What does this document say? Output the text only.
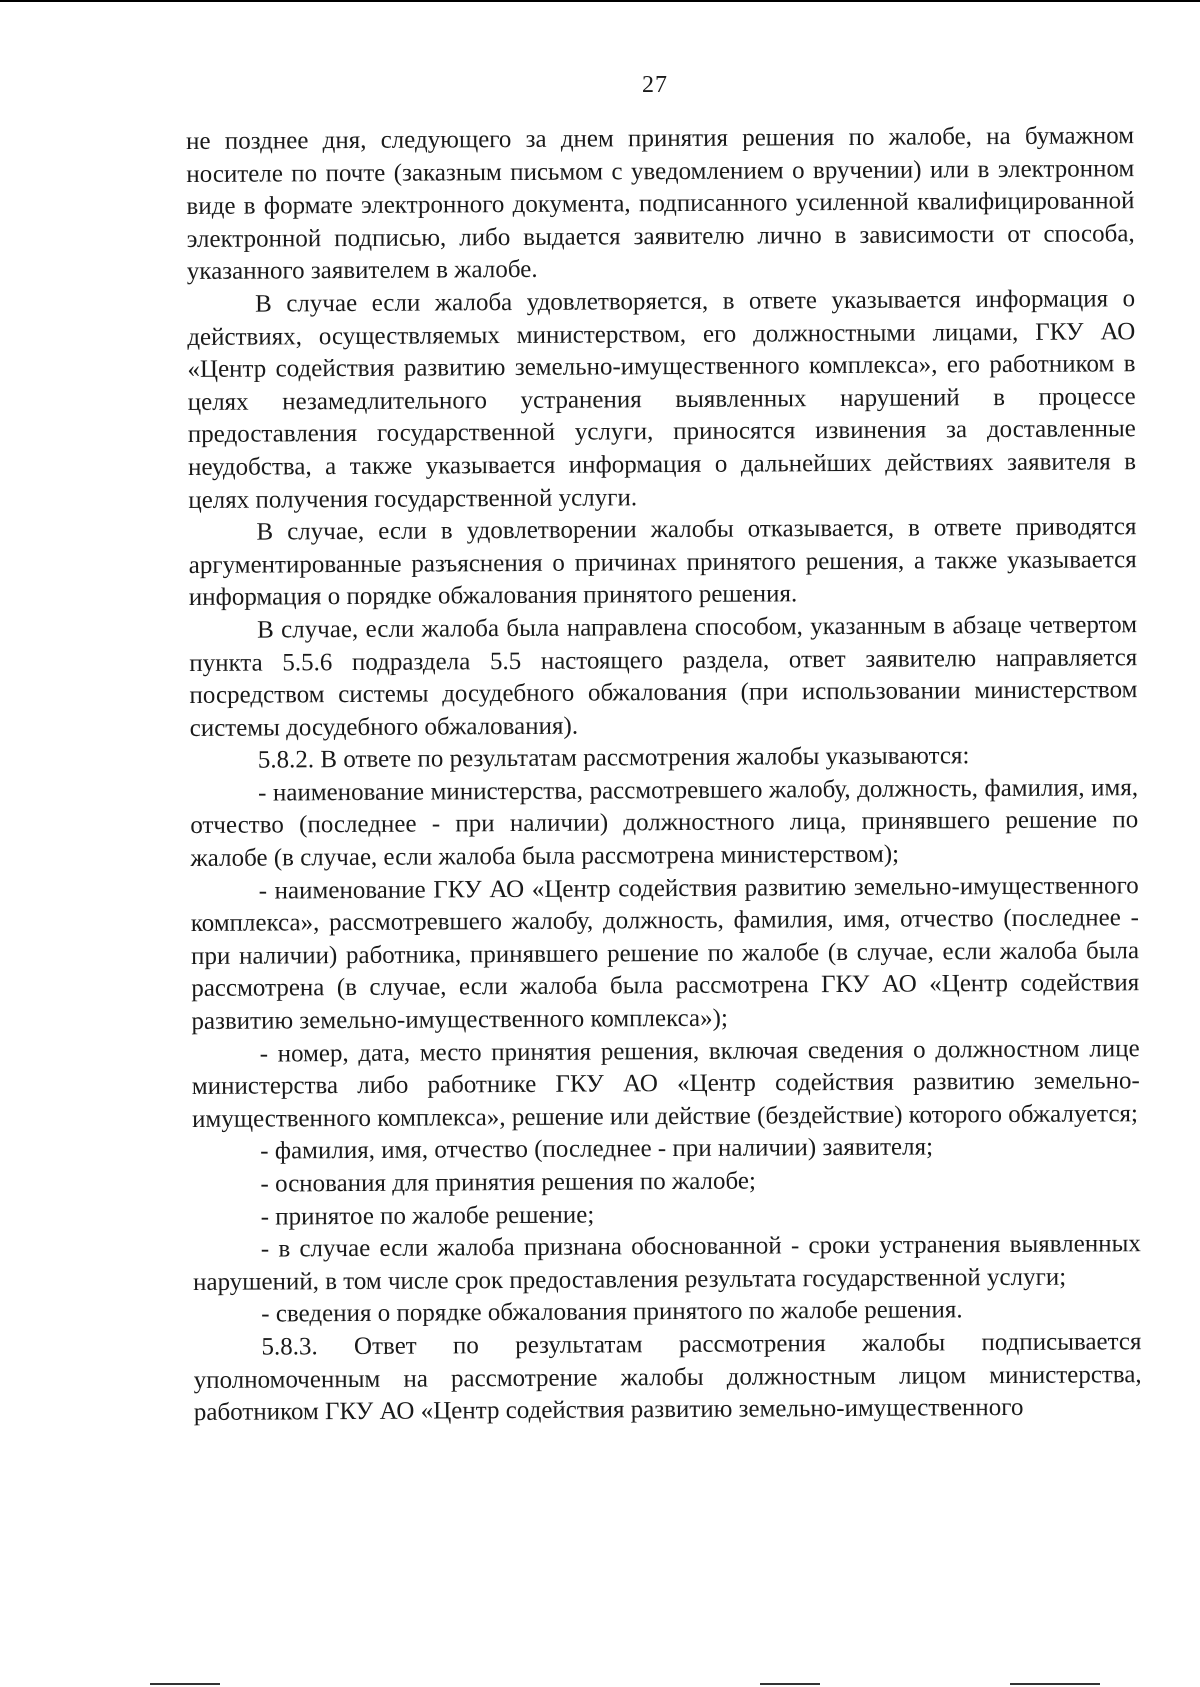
27

не позднее дня, следующего за днем принятия решения по жалобе, на бумажном носителе по почте (заказным письмом с уведомлением о вручении) или в электронном виде в формате электронного документа, подписанного усиленной квалифицированной электронной подписью, либо выдается заявителю лично в зависимости от способа, указанного заявителем в жалобе.

В случае если жалоба удовлетворяется, в ответе указывается информация о действиях, осуществляемых министерством, его должностными лицами, ГКУ АО «Центр содействия развитию земельно-имущественного комплекса», его работником в целях незамедлительного устранения выявленных нарушений в процессе предоставления государственной услуги, приносятся извинения за доставленные неудобства, а также указывается информация о дальнейших действиях заявителя в целях получения государственной услуги.

В случае, если в удовлетворении жалобы отказывается, в ответе приводятся аргументированные разъяснения о причинах принятого решения, а также указывается информация о порядке обжалования принятого решения.

В случае, если жалоба была направлена способом, указанным в абзаце четвертом пункта 5.5.6 подраздела 5.5 настоящего раздела, ответ заявителю направляется посредством системы досудебного обжалования (при использовании министерством системы досудебного обжалования).

5.8.2. В ответе по результатам рассмотрения жалобы указываются:

- наименование министерства, рассмотревшего жалобу, должность, фамилия, имя, отчество (последнее - при наличии) должностного лица, принявшего решение по жалобе (в случае, если жалоба была рассмотрена министерством);

- наименование ГКУ АО «Центр содействия развитию земельно-имущественного комплекса», рассмотревшего жалобу, должность, фамилия, имя, отчество (последнее - при наличии) работника, принявшего решение по жалобе (в случае, если жалоба была рассмотрена (в случае, если жалоба была рассмотрена ГКУ АО «Центр содействия развитию земельно-имущественного комплекса»);

- номер, дата, место принятия решения, включая сведения о должностном лице министерства либо работнике ГКУ АО «Центр содействия развитию земельно-имущественного комплекса», решение или действие (бездействие) которого обжалуется;

- фамилия, имя, отчество (последнее - при наличии) заявителя;

- основания для принятия решения по жалобе;

- принятое по жалобе решение;

- в случае если жалоба признана обоснованной - сроки устранения выявленных нарушений, в том числе срок предоставления результата государственной услуги;

- сведения о порядке обжалования принятого по жалобе решения.

5.8.3. Ответ по результатам рассмотрения жалобы подписывается уполномоченным на рассмотрение жалобы должностным лицом министерства, работником ГКУ АО «Центр содействия развитию земельно-имущественного
